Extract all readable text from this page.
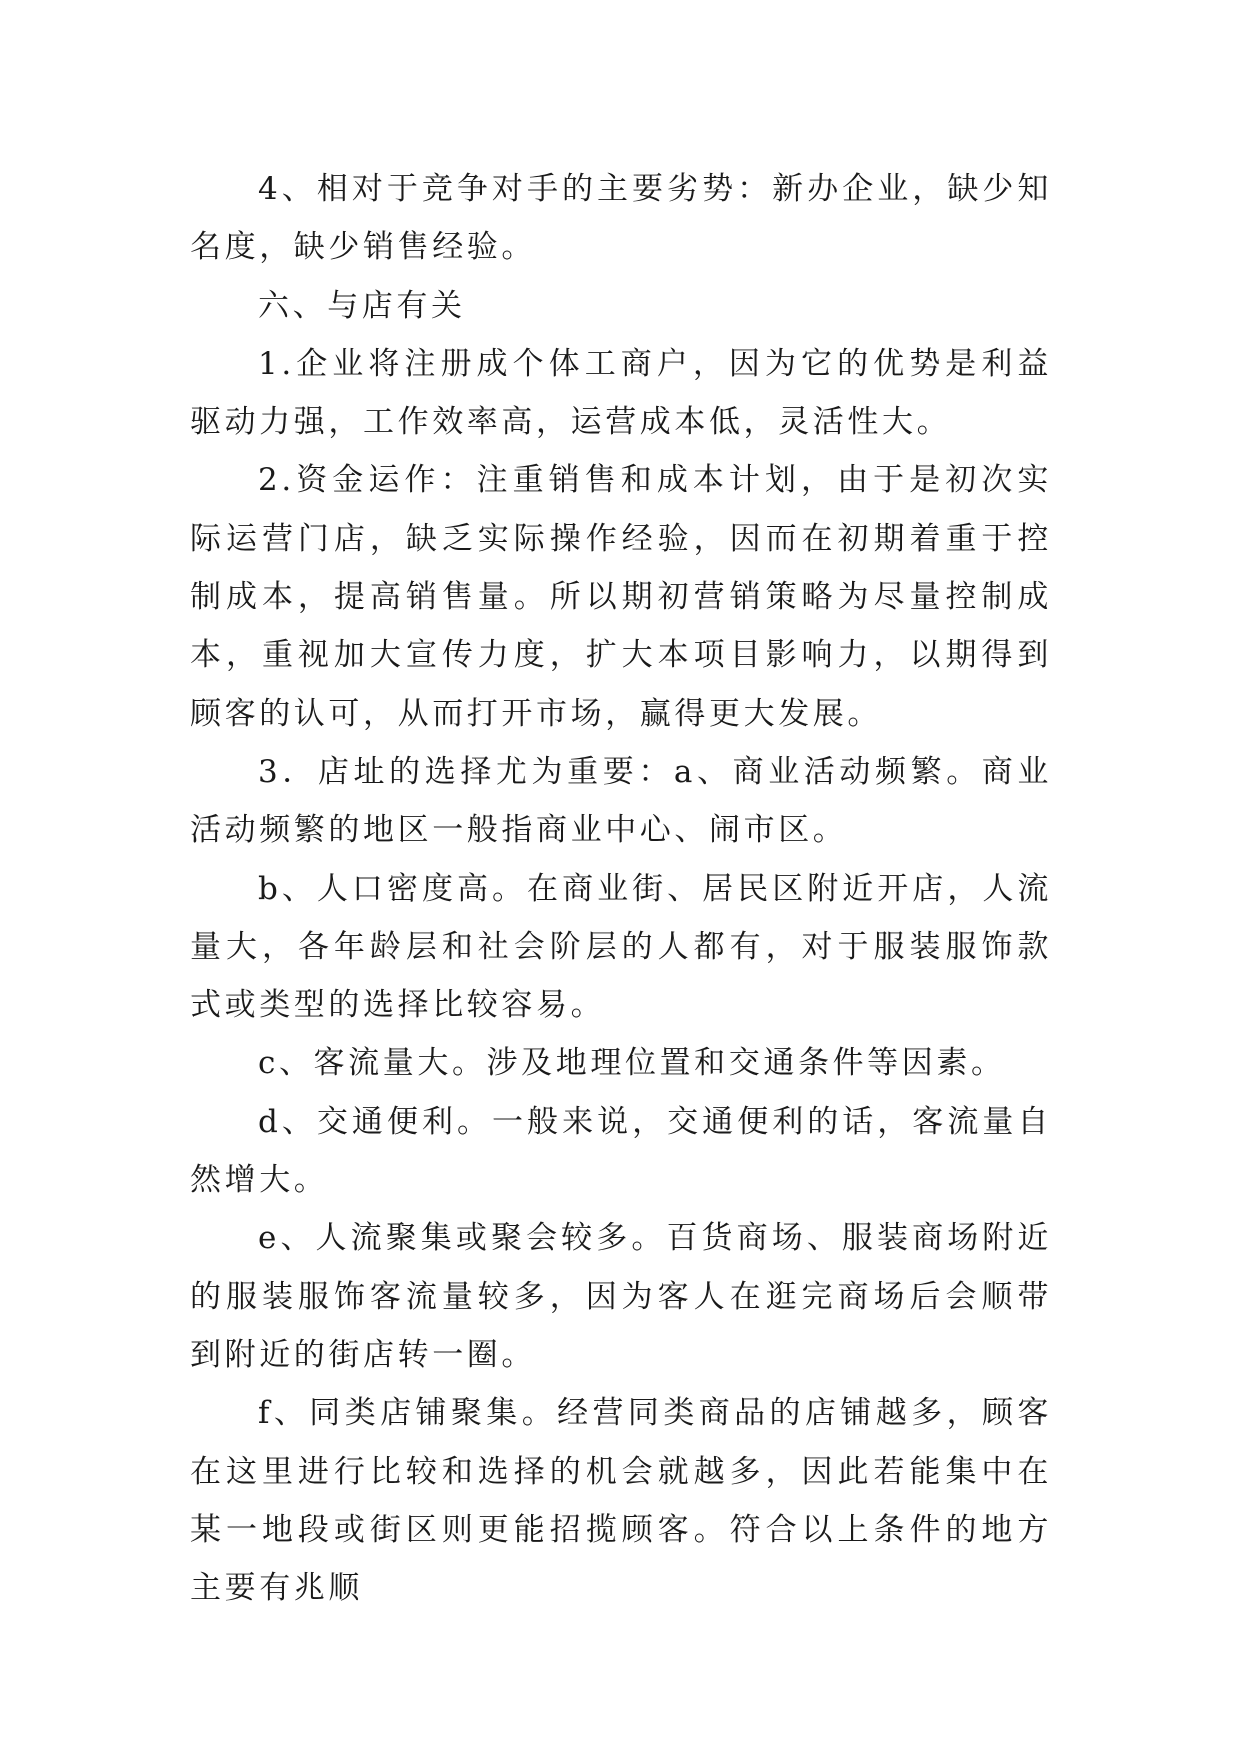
4、相对于竞争对手的主要劣势：新办企业，缺少知名度，缺少销售经验。

六、与店有关

1.企业将注册成个体工商户，因为它的优势是利益驱动力强，工作效率高，运营成本低，灵活性大。

2.资金运作：注重销售和成本计划，由于是初次实际运营门店，缺乏实际操作经验，因而在初期着重于控制成本，提高销售量。所以期初营销策略为尽量控制成本，重视加大宣传力度，扩大本项目影响力，以期得到顾客的认可，从而打开市场，赢得更大发展。

3．店址的选择尤为重要：a、商业活动频繁。商业活动频繁的地区一般指商业中心、闹市区。

b、人口密度高。在商业街、居民区附近开店，人流量大，各年龄层和社会阶层的人都有，对于服装服饰款式或类型的选择比较容易。

c、客流量大。涉及地理位置和交通条件等因素。

d、交通便利。一般来说，交通便利的话，客流量自然增大。

e、人流聚集或聚会较多。百货商场、服装商场附近的服装服饰客流量较多，因为客人在逛完商场后会顺带到附近的街店转一圈。

f、同类店铺聚集。经营同类商品的店铺越多，顾客在这里进行比较和选择的机会就越多，因此若能集中在某一地段或街区则更能招揽顾客。符合以上条件的地方主要有兆顺
